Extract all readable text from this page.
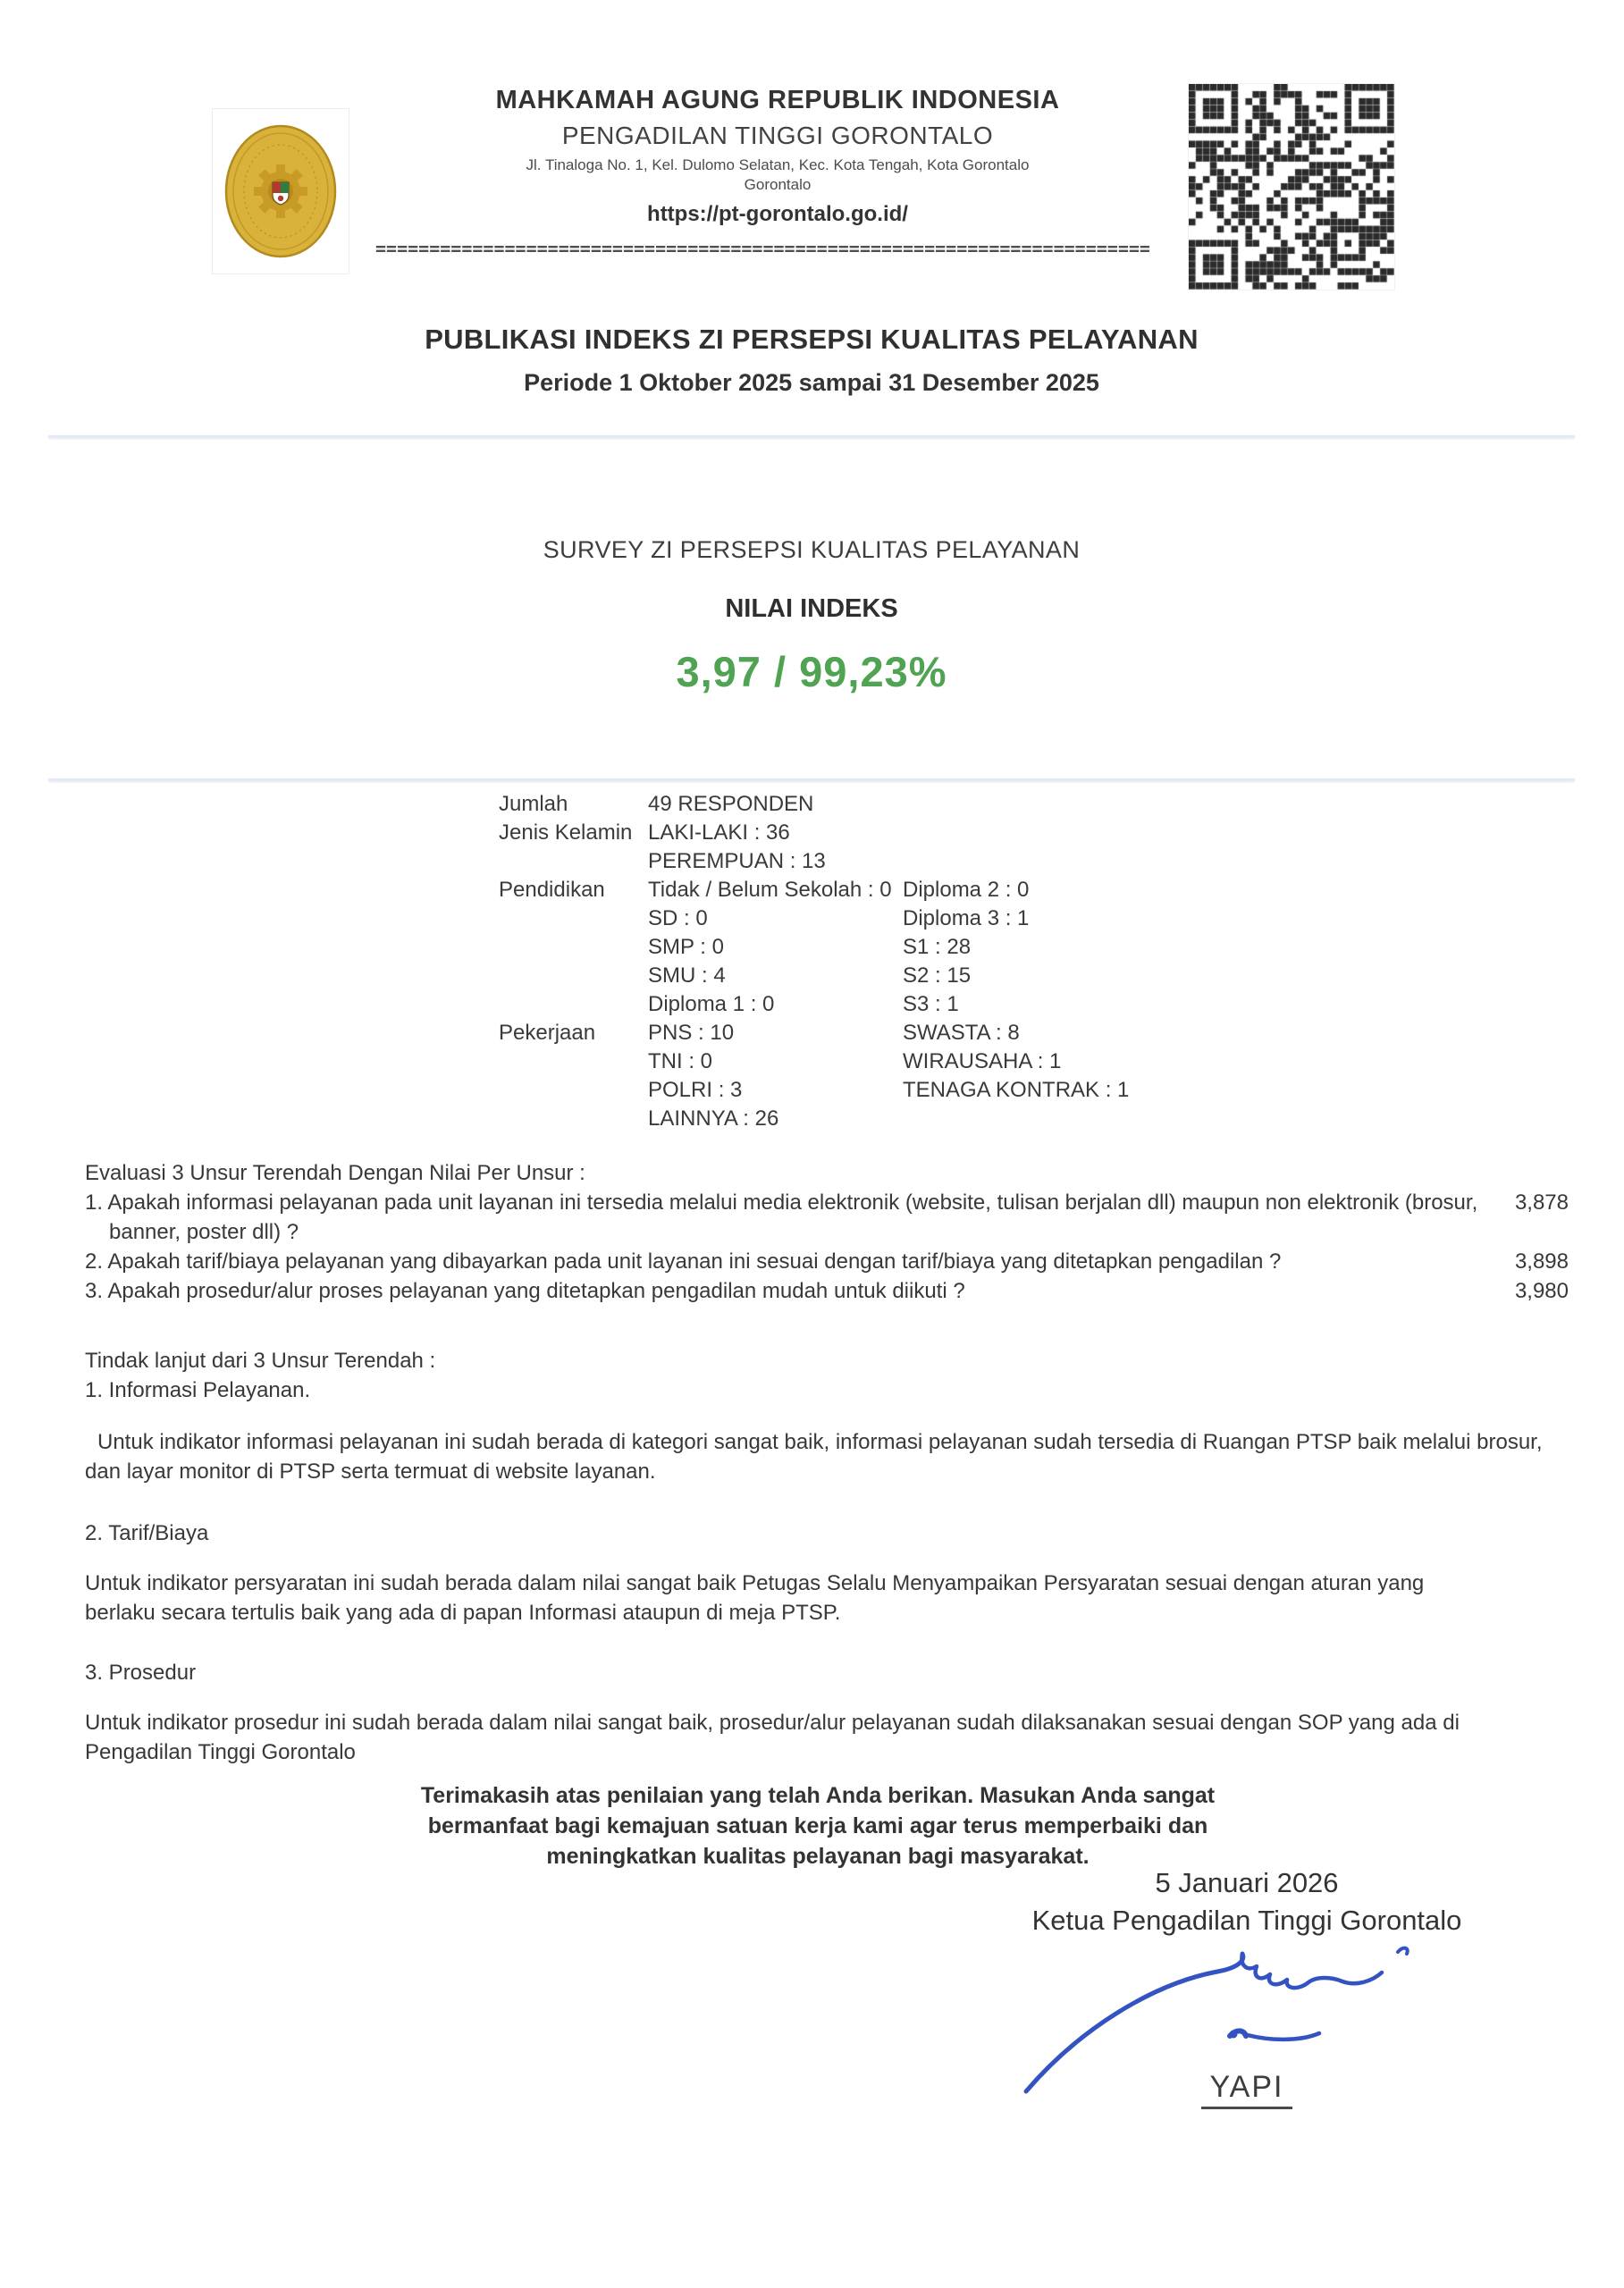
MAHKAMAH AGUNG REPUBLIK INDONESIA
PENGADILAN TINGGI GORONTALO
Jl. Tinaloga No. 1, Kel. Dulomo Selatan, Kec. Kota Tengah, Kota Gorontalo
Gorontalo
https://pt-gorontalo.go.id/
========================================================================
PUBLIKASI INDEKS ZI PERSEPSI KUALITAS PELAYANAN
Periode 1 Oktober 2025 sampai 31 Desember 2025
SURVEY ZI PERSEPSI KUALITAS PELAYANAN
NILAI INDEKS
3,97 / 99,23%
Jumlah	49 RESPONDEN
Jenis Kelamin LAKI-LAKI : 36
PEREMPUAN : 13
Pendidikan	Tidak / Belum Sekolah : 0 Diploma 2 : 0
SD : 0	Diploma 3 : 1
SMP : 0	S1 : 28
SMU : 4	S2 : 15
Diploma 1 : 0	S3 : 1
Pekerjaan	PNS : 10	SWASTA : 8
TNI : 0	WIRAUSAHA : 1
POLRI : 3	TENAGA KONTRAK : 1
LAINNYA : 26
Evaluasi 3 Unsur Terendah Dengan Nilai Per Unsur :
1. Apakah informasi pelayanan pada unit layanan ini tersedia melalui media elektronik (website, tulisan berjalan dll) maupun non elektronik (brosur, banner, poster dll) ?
3,878
2. Apakah tarif/biaya pelayanan yang dibayarkan pada unit layanan ini sesuai dengan tarif/biaya yang ditetapkan pengadilan ?	3,898
3. Apakah prosedur/alur proses pelayanan yang ditetapkan pengadilan mudah untuk diikuti ?	3,980
Tindak lanjut dari 3 Unsur Terendah :
1. Informasi Pelayanan.
Untuk indikator informasi pelayanan ini sudah berada di kategori sangat baik, informasi pelayanan sudah tersedia di Ruangan PTSP baik melalui brosur, dan layar monitor di PTSP serta termuat di website layanan.
2. Tarif/Biaya
Untuk indikator persyaratan ini sudah berada dalam nilai sangat baik Petugas Selalu Menyampaikan Persyaratan sesuai dengan aturan yang berlaku secara tertulis baik yang ada di papan Informasi ataupun di meja PTSP.
3. Prosedur
Untuk indikator prosedur ini sudah berada dalam nilai sangat baik, prosedur/alur pelayanan sudah dilaksanakan sesuai dengan SOP yang ada di Pengadilan Tinggi Gorontalo
Terimakasih atas penilaian yang telah Anda berikan. Masukan Anda sangat bermanfaat bagi kemajuan satuan kerja kami agar terus memperbaiki dan meningkatkan kualitas pelayanan bagi masyarakat.
5 Januari 2026
Ketua Pengadilan Tinggi Gorontalo
YAPI
